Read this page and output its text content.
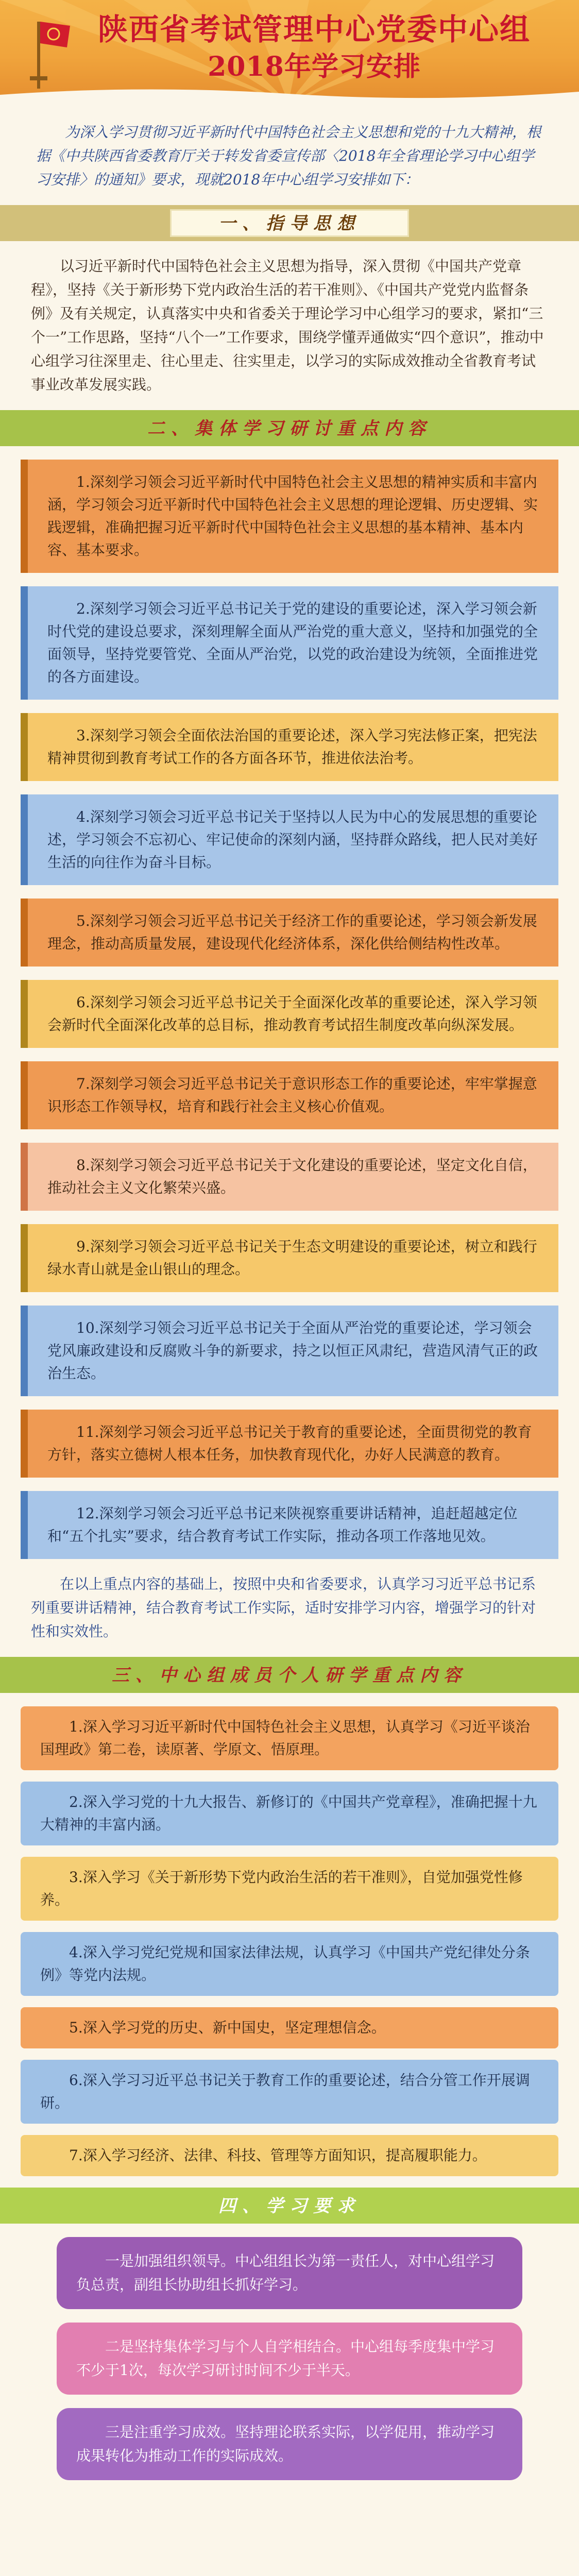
陕西省考试管理中心党委中心组
2018年学习安排

为深入学习贯彻习近平新时代中国特色社会主义思想和党的十九大精神，根据《中共陕西省委教育厅关于转发省委宣传部〈2018年全省理论学习中心组学习安排〉的通知》要求，现就2018年中心组学习安排如下：

一、指导思想

以习近平新时代中国特色社会主义思想为指导，深入贯彻《中国共产党章程》，坚持《关于新形势下党内政治生活的若干准则》、《中国共产党党内监督条例》及有关规定，认真落实中央和省委关于理论学习中心组学习的要求，紧扣“三个一”工作思路，坚持“八个一”工作要求，围绕学懂弄通做实“四个意识”，推动中心组学习往深里走、往心里走、往实里走，以学习的实际成效推动全省教育考试事业改革发展实践。

二、集体学习研讨重点内容

1.深刻学习领会习近平新时代中国特色社会主义思想的精神实质和丰富内涵，学习领会习近平新时代中国特色社会主义思想的理论逻辑、历史逻辑、实践逻辑，准确把握习近平新时代中国特色社会主义思想的基本精神、基本内容、基本要求。

2.深刻学习领会习近平总书记关于党的建设的重要论述，深入学习领会新时代党的建设总要求，深刻理解全面从严治党的重大意义，坚持和加强党的全面领导，坚持党要管党、全面从严治党，以党的政治建设为统领，全面推进党的各方面建设。

3.深刻学习领会全面依法治国的重要论述，深入学习宪法修正案，把宪法精神贯彻到教育考试工作的各方面各环节，推进依法治考。

4.深刻学习领会习近平总书记关于坚持以人民为中心的发展思想的重要论述，学习领会不忘初心、牢记使命的深刻内涵，坚持群众路线，把人民对美好生活的向往作为奋斗目标。

5.深刻学习领会习近平总书记关于经济工作的重要论述，学习领会新发展理念，推动高质量发展，建设现代化经济体系，深化供给侧结构性改革。

6.深刻学习领会习近平总书记关于全面深化改革的重要论述，深入学习领会新时代全面深化改革的总目标，推动教育考试招生制度改革向纵深发展。

7.深刻学习领会习近平总书记关于意识形态工作的重要论述，牢牢掌握意识形态工作领导权，培育和践行社会主义核心价值观。

8.深刻学习领会习近平总书记关于文化建设的重要论述，坚定文化自信，推动社会主义文化繁荣兴盛。

9.深刻学习领会习近平总书记关于生态文明建设的重要论述，树立和践行绿水青山就是金山银山的理念。

10.深刻学习领会习近平总书记关于全面从严治党的重要论述，学习领会党风廉政建设和反腐败斗争的新要求，持之以恒正风肃纪，营造风清气正的政治生态。

11.深刻学习领会习近平总书记关于教育的重要论述，全面贯彻党的教育方针，落实立德树人根本任务，加快教育现代化，办好人民满意的教育。

12.深刻学习领会习近平总书记来陕视察重要讲话精神，追赶超越定位和“五个扎实”要求，结合教育考试工作实际，推动各项工作落地见效。

在以上重点内容的基础上，按照中央和省委要求，认真学习习近平总书记系列重要讲话精神，结合教育考试工作实际，适时安排学习内容，增强学习的针对性和实效性。

三、中心组成员个人研学重点内容

1.深入学习习近平新时代中国特色社会主义思想，认真学习《习近平谈治国理政》第二卷，读原著、学原文、悟原理。

2.深入学习党的十九大报告、新修订的《中国共产党章程》，准确把握十九大精神的丰富内涵。

3.深入学习《关于新形势下党内政治生活的若干准则》，自觉加强党性修养。

4.深入学习党纪党规和国家法律法规，认真学习《中国共产党纪律处分条例》等党内法规。

5.深入学习党的历史、新中国史，坚定理想信念。

6.深入学习习近平总书记关于教育工作的重要论述，结合分管工作开展调研。

7.深入学习经济、法律、科技、管理等方面知识，提高履职能力。

四、学习要求

一是加强组织领导。中心组组长为第一责任人，对中心组学习负总责，副组长协助组长抓好学习。

二是坚持集体学习与个人自学相结合。中心组每季度集中学习不少于1次，每次学习研讨时间不少于半天。

三是注重学习成效。坚持理论联系实际，以学促用，推动学习成果转化为推动工作的实际成效。
